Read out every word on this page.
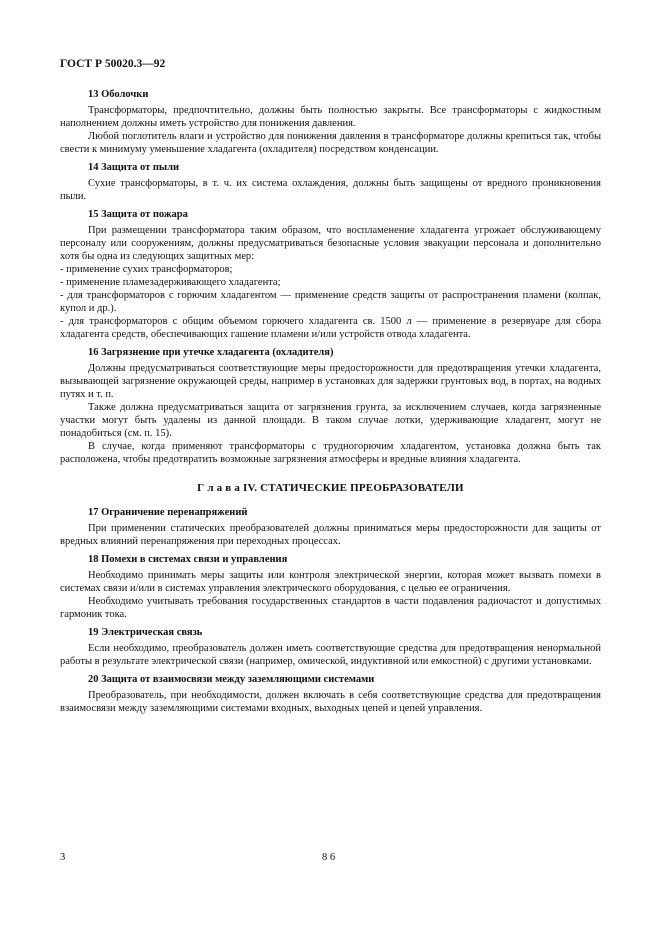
ГОСТ Р 50020.3—92
13 Оболочки

Трансформаторы, предпочтительно, должны быть полностью закрыты. Все трансформаторы с жидкостным наполнением должны иметь устройство для понижения давления.

Любой поглотитель влаги и устройство для понижения давления в трансформаторе должны крепиться так, чтобы свести к минимуму уменьшение хладагента (охладителя) посредством конденсации.

14 Защита от пыли

Сухие трансформаторы, в т. ч. их система охлаждения, должны быть защищены от вредного проникновения пыли.

15 Защита от пожара

При размещении трансформатора таким образом, что воспламенение хладагента угрожает обслуживающему персоналу или сооружениям, должны предусматриваться безопасные условия эвакуации персонала и дополнительно хотя бы одна из следующих защитных мер:

- применение сухих трансформаторов;

- применение пламезадерживающего хладагента;

- для трансформаторов с горючим хладагентом — применение средств защиты от распространения пламени (колпак, купол и др.).

- для трансформаторов с общим объемом горючего хладагента св. 1500 л — применение в резервуаре для сбора хладагента средств, обеспечивающих гашение пламени и/или устройств отвода хладагента.

16 Загрязнение при утечке хладагента (охладителя)

Должны предусматриваться соответствующие меры предосторожности для предотвращения утечки хладагента, вызывающей загрязнение окружающей среды, например в установках для задержки грунтовых вод, в портах, на водных путях и т. п.

Также должна предусматриваться защита от загрязнения грунта, за исключением случаев, когда загрязненные участки могут быть удалены из данной площади. В таком случае лотки, удерживающие хладагент, могут не понадобиться (см. п. 15).

В случае, когда применяют трансформаторы с трудногорючим хладагентом, установка должна быть так расположена, чтобы предотвратить возможные загрязнения атмосферы и вредные влияния хладагента.

Г л а в а IV. СТАТИЧЕСКИЕ ПРЕОБРАЗОВАТЕЛИ
17 Ограничение перенапряжений

При применении статических преобразователей должны приниматься меры предосторожности для защиты от вредных влияний перенапряжения при переходных процессах.

18 Помехи в системах связи и управления

Необходимо принимать меры защиты или контроля электрической энергии, которая может вызвать помехи в системах связи и/или в системах управления электрического оборудования, с целью ее ограничения.

Необходимо учитывать требования государственных стандартов в части подавления радиочастот и допустимых гармоник тока.

19 Электрическая связь

Если необходимо, преобразователь должен иметь соответствующие средства для предотвращения ненормальной работы в результате электрической связи (например, омической, индуктивной или емкостной) с другими установками.

20 Защита от взаимосвязи между заземляющими системами

Преобразователь, при необходимости, должен включать в себя соответствующие средства для предотвращения взаимосвязи между заземляющими системами входных, выходных цепей и цепей управления.

3	8 6
